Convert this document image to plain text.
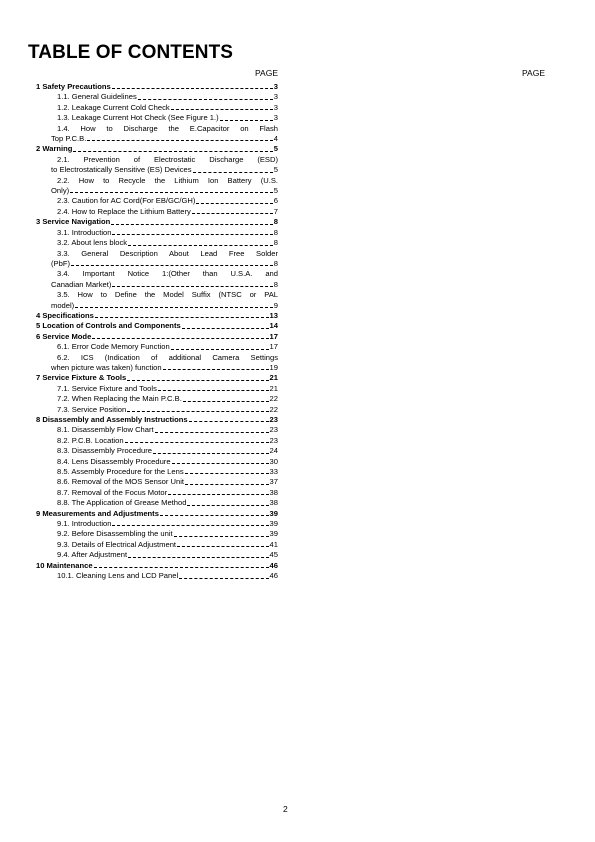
TABLE OF CONTENTS
PAGE	PAGE
1 Safety Precautions	3
1.1. General Guidelines	3
1.2. Leakage Current Cold Check	3
1.3. Leakage Current Hot Check (See Figure 1.)	3
1.4. How to Discharge the E.Capacitor on Flash
Top P.C.B.	4
2 Warning	5
2.1. Prevention of Electrostatic Discharge (ESD)
to Electrostatically Sensitive (ES) Devices	5
2.2. How to Recycle the Lithium Ion Battery (U.S.
Only)	5
2.3. Caution for AC Cord(For EB/GC/GH)	6
2.4. How to Replace the Lithium Battery	7
3 Service Navigation	8
3.1. Introduction	8
3.2. About lens block	8
3.3. General Description About Lead Free Solder
(PbF)	8
3.4. Important Notice 1:(Other than U.S.A. and
Canadian Market)	8
3.5. How to Define the Model Suffix (NTSC or PAL
model)	9
4 Specifications	13
5 Location of Controls and Components	14
6 Service Mode	17
6.1. Error Code Memory Function	17
6.2. ICS (Indication of additional Camera Settings
when picture was taken) function	19
7 Service Fixture & Tools	21
7.1. Service Fixture and Tools	21
7.2. When Replacing the Main P.C.B.	22
7.3. Service Position	22
8 Disassembly and Assembly Instructions	23
8.1. Disassembly Flow Chart	23
8.2. P.C.B. Location	23
8.3. Disassembly Procedure	24
8.4. Lens Disassembly Procedure	30
8.5. Assembly Procedure for the Lens	33
8.6. Removal of the MOS Sensor Unit	37
8.7. Removal of the Focus Motor	38
8.8. The Application of Grease Method	38
9 Measurements and Adjustments	39
9.1. Introduction	39
9.2. Before Disassembling the unit	39
9.3. Details of Electrical Adjustment	41
9.4. After Adjustment	45
10 Maintenance	46
10.1. Cleaning Lens and LCD Panel	46
2
